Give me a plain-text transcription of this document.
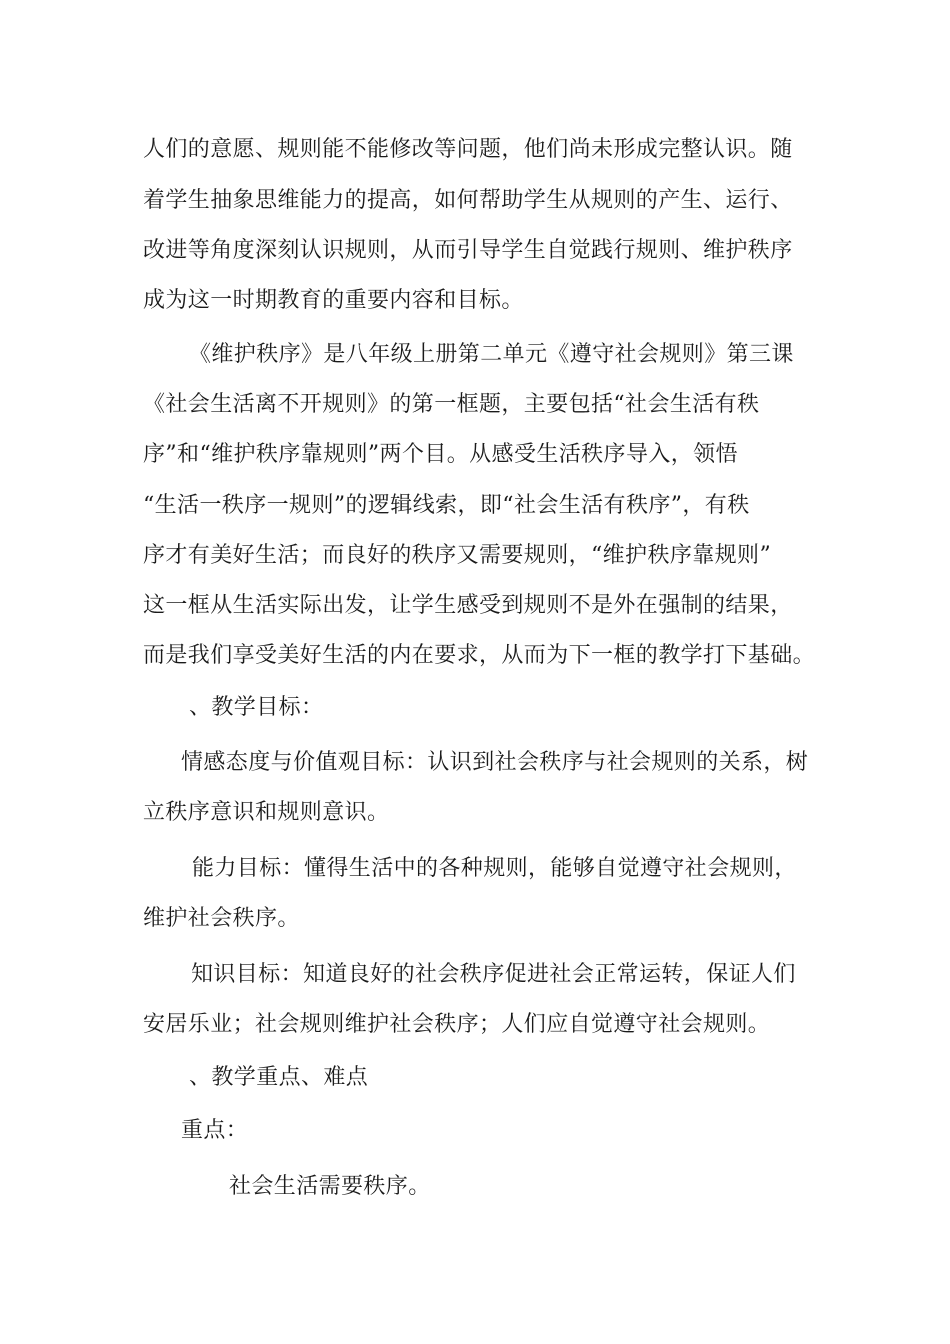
人们的意愿、规则能不能修改等问题，他们尚未形成完整认识。随
着学生抽象思维能力的提高，如何帮助学生从规则的产生、运行、
改进等角度深刻认识规则，从而引导学生自觉践行规则、维护秩序
成为这一时期教育的重要内容和目标。
《维护秩序》是八年级上册第二单元《遵守社会规则》第三课
《社会生活离不开规则》的第一框题，主要包括“社会生活有秩
序”和“维护秩序靠规则”两个目。从感受生活秩序导入，领悟
“生活一秩序一规则”的逻辑线索，即“社会生活有秩序”，有秩
序才有美好生活；而良好的秩序又需要规则，“维护秩序靠规则”
这一框从生活实际出发，让学生感受到规则不是外在强制的结果，
而是我们享受美好生活的内在要求，从而为下一框的教学打下基础。
、教学目标：
情感态度与价值观目标：认识到社会秩序与社会规则的关系，树
立秩序意识和规则意识。
能力目标：懂得生活中的各种规则，能够自觉遵守社会规则，
维护社会秩序。
知识目标：知道良好的社会秩序促进社会正常运转，保证人们
安居乐业；社会规则维护社会秩序；人们应自觉遵守社会规则。
、教学重点、难点
重点：
社会生活需要秩序。
